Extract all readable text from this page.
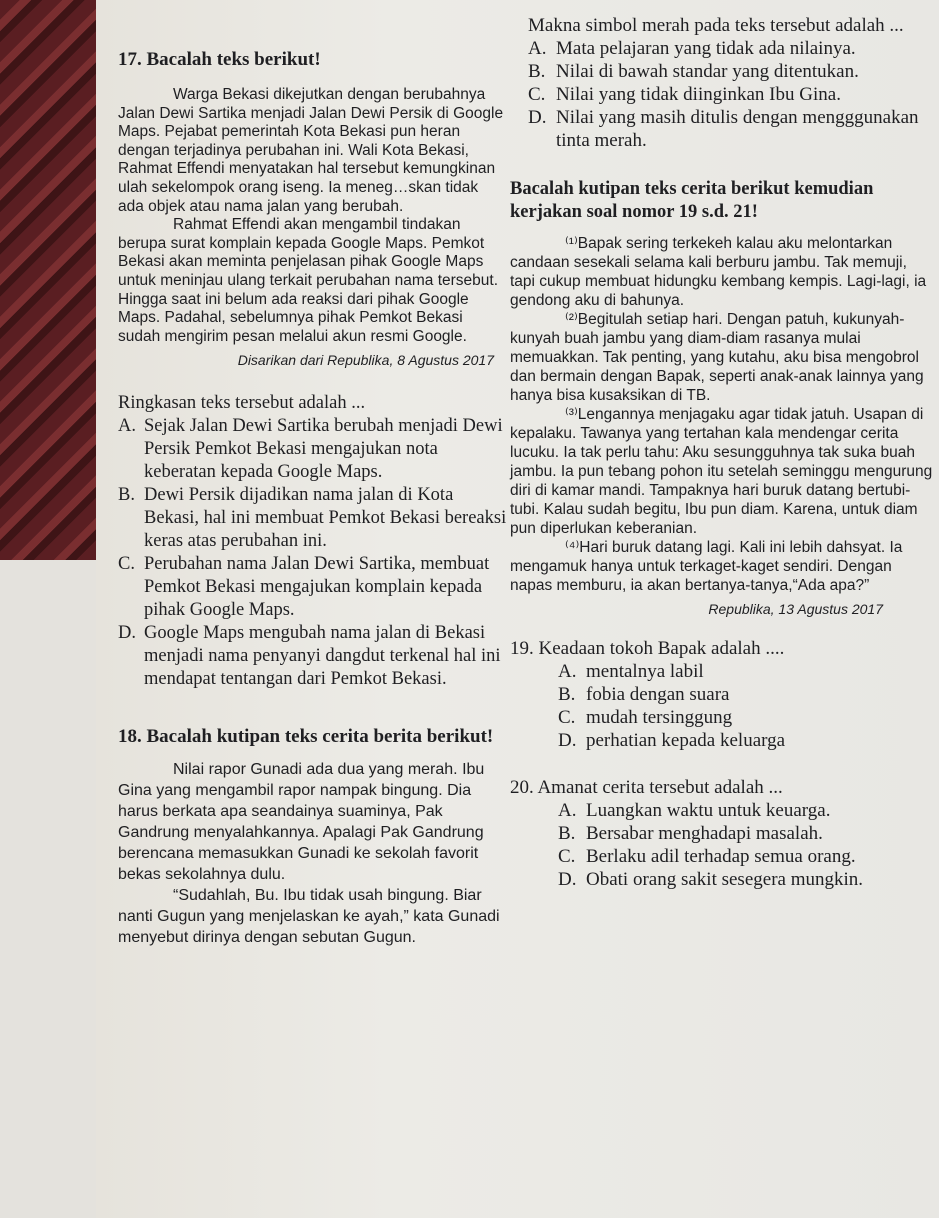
17. Bacalah teks berikut!

Warga Bekasi dikejutkan dengan berubahnya Jalan Dewi Sartika menjadi Jalan Dewi Persik di Google Maps. Pejabat pemerintah Kota Bekasi pun heran dengan terjadinya perubahan ini. Wali Kota Bekasi, Rahmat Effendi menyatakan hal tersebut kemungkinan ulah sekelompok orang iseng. Ia meneg…skan tidak ada objek atau nama jalan yang berubah.

Rahmat Effendi akan mengambil tindakan berupa surat komplain kepada Google Maps. Pemkot Bekasi akan meminta penjelasan pihak Google Maps untuk meninjau ulang terkait perubahan nama tersebut. Hingga saat ini belum ada reaksi dari pihak Google Maps. Padahal, sebelumnya pihak Pemkot Bekasi sudah mengirim pesan melalui akun resmi Google.

Disarikan dari Republika, 8 Agustus 2017
Ringkasan teks tersebut adalah ...
A. Sejak Jalan Dewi Sartika berubah menjadi Dewi Persik Pemkot Bekasi mengajukan nota keberatan kepada Google Maps.
B. Dewi Persik dijadikan nama jalan di Kota Bekasi, hal ini membuat Pemkot Bekasi bereaksi keras atas perubahan ini.
C. Perubahan nama Jalan Dewi Sartika, membuat Pemkot Bekasi mengajukan komplain kepada pihak Google Maps.
D. Google Maps mengubah nama jalan di Bekasi menjadi nama penyanyi dangdut terkenal hal ini mendapat tentangan dari Pemkot Bekasi.
18. Bacalah kutipan teks cerita berita berikut!

Nilai rapor Gunadi ada dua yang merah. Ibu Gina yang mengambil rapor nampak bingung. Dia harus berkata apa seandainya suaminya, Pak Gandrung menyalahkannya. Apalagi Pak Gandrung berencana memasukkan Gunadi ke sekolah favorit bekas sekolahnya dulu.

“Sudahlah, Bu. Ibu tidak usah bingung. Biar nanti Gugun yang menjelaskan ke ayah,” kata Gunadi menyebut dirinya dengan sebutan Gugun.

Makna simbol merah pada teks tersebut adalah ...
A. Mata pelajaran yang tidak ada nilainya.
B. Nilai di bawah standar yang ditentukan.
C. Nilai yang tidak diinginkan Ibu Gina.
D. Nilai yang masih ditulis dengan mengggunakan tinta merah.
Bacalah kutipan teks cerita berikut kemudian kerjakan soal nomor 19 s.d. 21!

⁽¹⁾Bapak sering terkekeh kalau aku melontarkan candaan sesekali selama kali berburu jambu. Tak memuji, tapi cukup membuat hidungku kembang kempis. Lagi-lagi, ia gendong aku di bahunya.

⁽²⁾Begitulah setiap hari. Dengan patuh, kukunyah-kunyah buah jambu yang diam-diam rasanya mulai memuakkan. Tak penting, yang kutahu, aku bisa mengobrol dan bermain dengan Bapak, seperti anak-anak lainnya yang hanya bisa kusaksikan di TB.

⁽³⁾Lengannya menjagaku agar tidak jatuh. Usapan di kepalaku. Tawanya yang tertahan kala mendengar cerita lucuku. Ia tak perlu tahu: Aku sesungguhnya tak suka buah jambu. Ia pun tebang pohon itu setelah seminggu mengurung diri di kamar mandi. Tampaknya hari buruk datang bertubi-tubi. Kalau sudah begitu, Ibu pun diam. Karena, untuk diam pun diperlukan keberanian.

⁽⁴⁾Hari buruk datang lagi. Kali ini lebih dahsyat. Ia mengamuk hanya untuk terkaget-kaget sendiri. Dengan napas memburu, ia akan bertanya-tanya,“Ada apa?”

Republika, 13 Agustus 2017
19. Keadaan tokoh Bapak adalah ....
A. mentalnya labil
B. fobia dengan suara
C. mudah tersinggung
D. perhatian kepada keluarga
20. Amanat cerita tersebut adalah ...
A. Luangkan waktu untuk keuarga.
B. Bersabar menghadapi masalah.
C. Berlaku adil terhadap semua orang.
D. Obati orang sakit sesegera mungkin.
